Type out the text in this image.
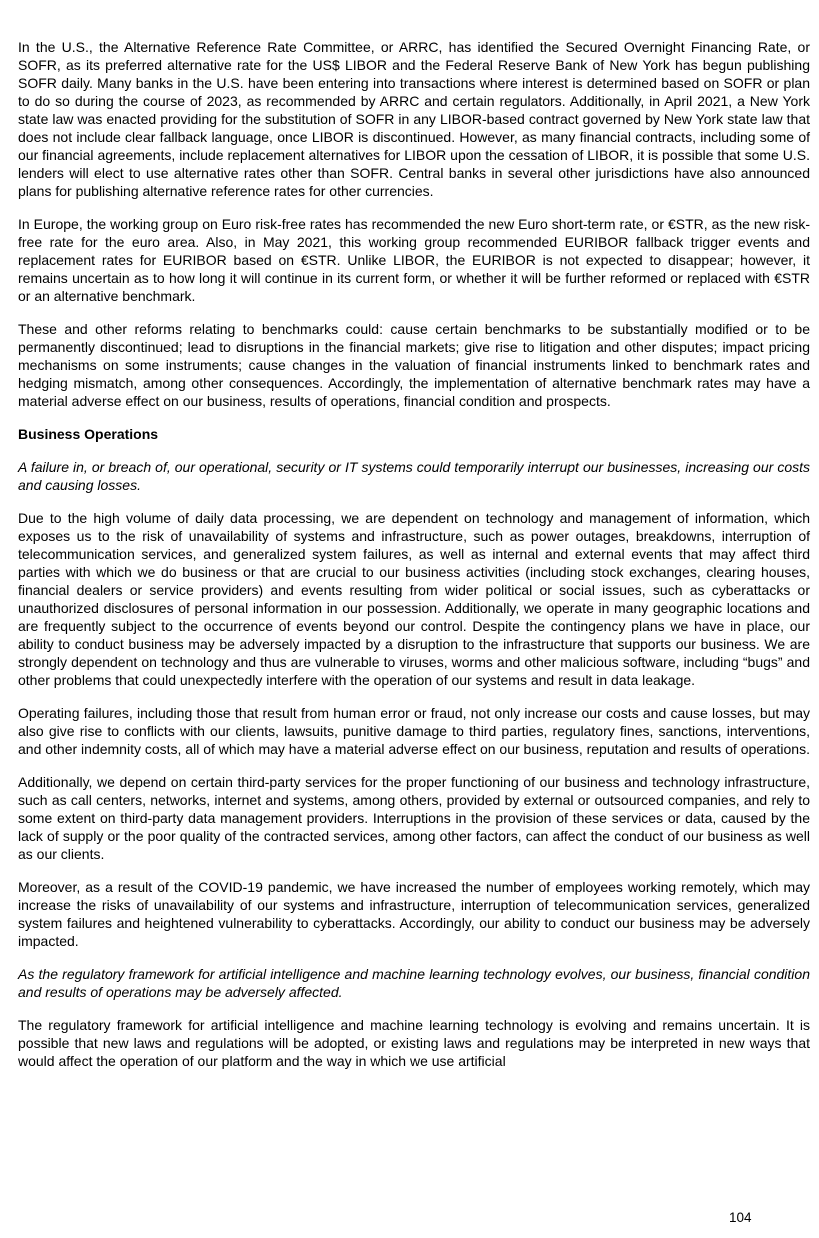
In the U.S., the Alternative Reference Rate Committee, or ARRC, has identified the Secured Overnight Financing Rate, or SOFR, as its preferred alternative rate for the US$ LIBOR and the Federal Reserve Bank of New York has begun publishing SOFR daily. Many banks in the U.S. have been entering into transactions where interest is determined based on SOFR or plan to do so during the course of 2023, as recommended by ARRC and certain regulators. Additionally, in April 2021, a New York state law was enacted providing for the substitution of SOFR in any LIBOR-based contract governed by New York state law that does not include clear fallback language, once LIBOR is discontinued. However, as many financial contracts, including some of our financial agreements, include replacement alternatives for LIBOR upon the cessation of LIBOR, it is possible that some U.S. lenders will elect to use alternative rates other than SOFR. Central banks in several other jurisdictions have also announced plans for publishing alternative reference rates for other currencies.

In Europe, the working group on Euro risk-free rates has recommended the new Euro short-term rate, or €STR, as the new risk-free rate for the euro area. Also, in May 2021, this working group recommended EURIBOR fallback trigger events and replacement rates for EURIBOR based on €STR. Unlike LIBOR, the EURIBOR is not expected to disappear; however, it remains uncertain as to how long it will continue in its current form, or whether it will be further reformed or replaced with €STR or an alternative benchmark.

These and other reforms relating to benchmarks could: cause certain benchmarks to be substantially modified or to be permanently discontinued; lead to disruptions in the financial markets; give rise to litigation and other disputes; impact pricing mechanisms on some instruments; cause changes in the valuation of financial instruments linked to benchmark rates and hedging mismatch, among other consequences. Accordingly, the implementation of alternative benchmark rates may have a material adverse effect on our business, results of operations, financial condition and prospects.

Business Operations

A failure in, or breach of, our operational, security or IT systems could temporarily interrupt our businesses, increasing our costs and causing losses.

Due to the high volume of daily data processing, we are dependent on technology and management of information, which exposes us to the risk of unavailability of systems and infrastructure, such as power outages, breakdowns, interruption of telecommunication services, and generalized system failures, as well as internal and external events that may affect third parties with which we do business or that are crucial to our business activities (including stock exchanges, clearing houses, financial dealers or service providers) and events resulting from wider political or social issues, such as cyberattacks or unauthorized disclosures of personal information in our possession. Additionally, we operate in many geographic locations and are frequently subject to the occurrence of events beyond our control. Despite the contingency plans we have in place, our ability to conduct business may be adversely impacted by a disruption to the infrastructure that supports our business. We are strongly dependent on technology and thus are vulnerable to viruses, worms and other malicious software, including “bugs” and other problems that could unexpectedly interfere with the operation of our systems and result in data leakage.

Operating failures, including those that result from human error or fraud, not only increase our costs and cause losses, but may also give rise to conflicts with our clients, lawsuits, punitive damage to third parties, regulatory fines, sanctions, interventions, and other indemnity costs, all of which may have a material adverse effect on our business, reputation and results of operations.

Additionally, we depend on certain third-party services for the proper functioning of our business and technology infrastructure, such as call centers, networks, internet and systems, among others, provided by external or outsourced companies, and rely to some extent on third-party data management providers. Interruptions in the provision of these services or data, caused by the lack of supply or the poor quality of the contracted services, among other factors, can affect the conduct of our business as well as our clients.

Moreover, as a result of the COVID-19 pandemic, we have increased the number of employees working remotely, which may increase the risks of unavailability of our systems and infrastructure, interruption of telecommunication services, generalized system failures and heightened vulnerability to cyberattacks. Accordingly, our ability to conduct our business may be adversely impacted.

As the regulatory framework for artificial intelligence and machine learning technology evolves, our business, financial condition and results of operations may be adversely affected.

The regulatory framework for artificial intelligence and machine learning technology is evolving and remains uncertain. It is possible that new laws and regulations will be adopted, or existing laws and regulations may be interpreted in new ways that would affect the operation of our platform and the way in which we use artificial

104
